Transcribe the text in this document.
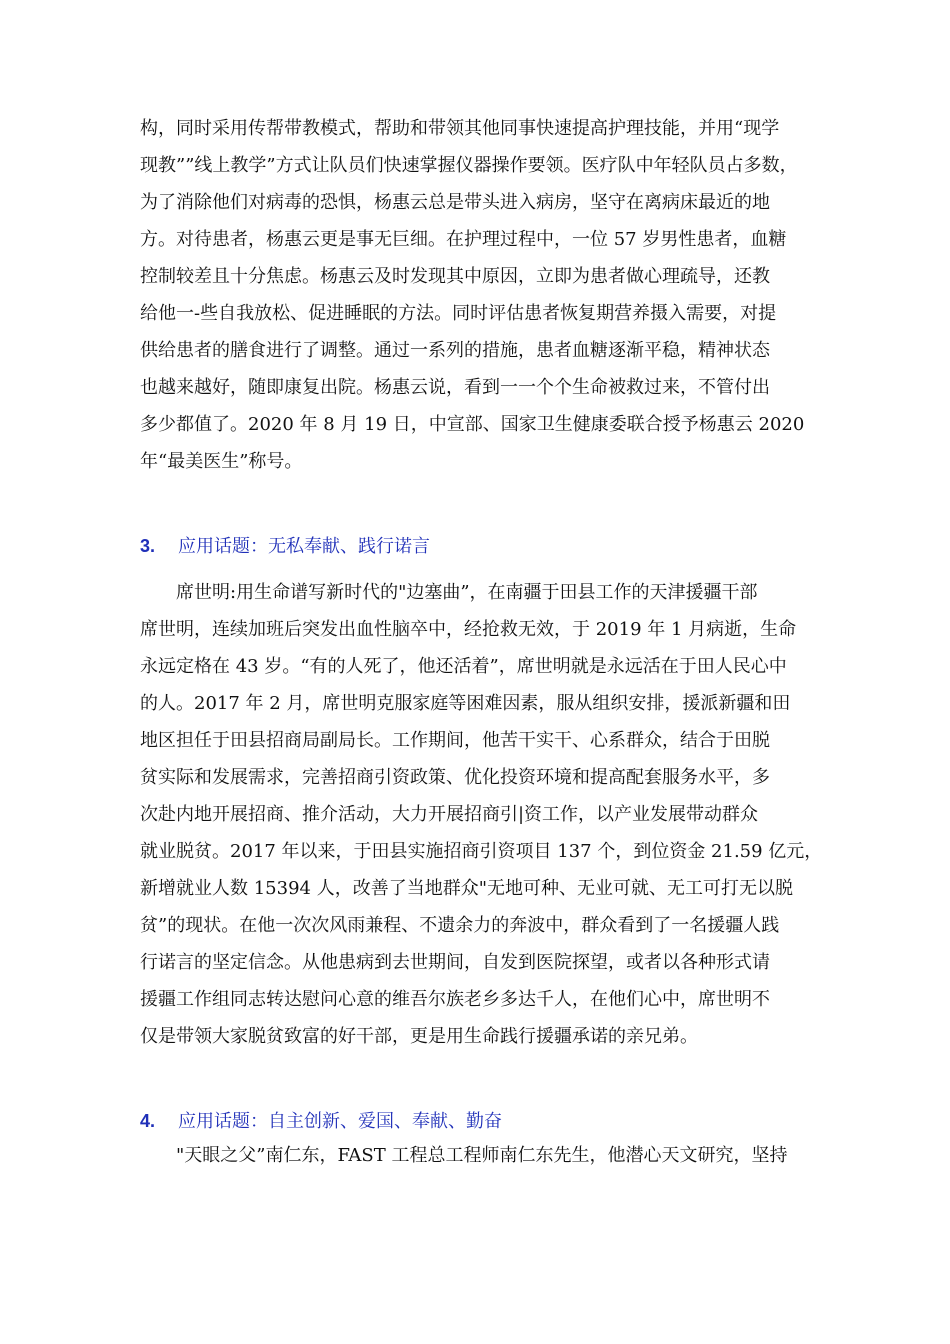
构，同时采用传帮带教模式，帮助和带领其他同事快速提高护理技能，并用“现学
现教””线上教学”方式让队员们快速掌握仪器操作要领。医疗队中年轻队员占多数，
为了消除他们对病毒的恐惧，杨惠云总是带头进入病房，坚守在离病床最近的地
方。对待患者，杨惠云更是事无巨细。在护理过程中，一位 57 岁男性患者，血糖
控制较差且十分焦虑。杨惠云及时发现其中原因，立即为患者做心理疏导，还教
给他一-些自我放松、促进睡眠的方法。同时评估患者恢复期营养摄入需要，对提
供给患者的膳食进行了调整。通过一系列的措施，患者血糖逐渐平稳，精神状态
也越来越好，随即康复出院。杨惠云说，看到一一个个生命被救过来，不管付出
多少都值了。2020 年 8 月 19 日，中宣部、国家卫生健康委联合授予杨惠云 2020
年“最美医生”称号。
3. 应用话题：无私奉献、践行诺言
席世明:用生命谱写新时代的"边塞曲”，在南疆于田县工作的天津援疆干部
席世明，连续加班后突发出血性脑卒中，经抢救无效，于 2019 年 1 月病逝，生命
永远定格在 43 岁。“有的人死了，他还活着”，席世明就是永远活在于田人民心中
的人。2017 年 2 月，席世明克服家庭等困难因素，服从组织安排，援派新疆和田
地区担任于田县招商局副局长。工作期间，他苦干实干、心系群众，结合于田脱
贫实际和发展需求，完善招商引资政策、优化投资环境和提高配套服务水平，多
次赴内地开展招商、推介活动，大力开展招商引|资工作，以产业发展带动群众
就业脱贫。2017 年以来，于田县实施招商引资项目 137 个，到位资金 21.59 亿元，
新增就业人数 15394 人，改善了当地群众"无地可种、无业可就、无工可打无以脱
贫”的现状。在他一次次风雨兼程、不遗余力的奔波中，群众看到了一名援疆人践
行诺言的坚定信念。从他患病到去世期间，自发到医院探望，或者以各种形式请
援疆工作组同志转达慰问心意的维吾尔族老乡多达千人，在他们心中，席世明不
仅是带领大家脱贫致富的好干部，更是用生命践行援疆承诺的亲兄弟。
4. 应用话题：自主创新、爱国、奉献、勤奋
"天眼之父”南仁东，FAST 工程总工程师南仁东先生，他潜心天文研究，坚持
